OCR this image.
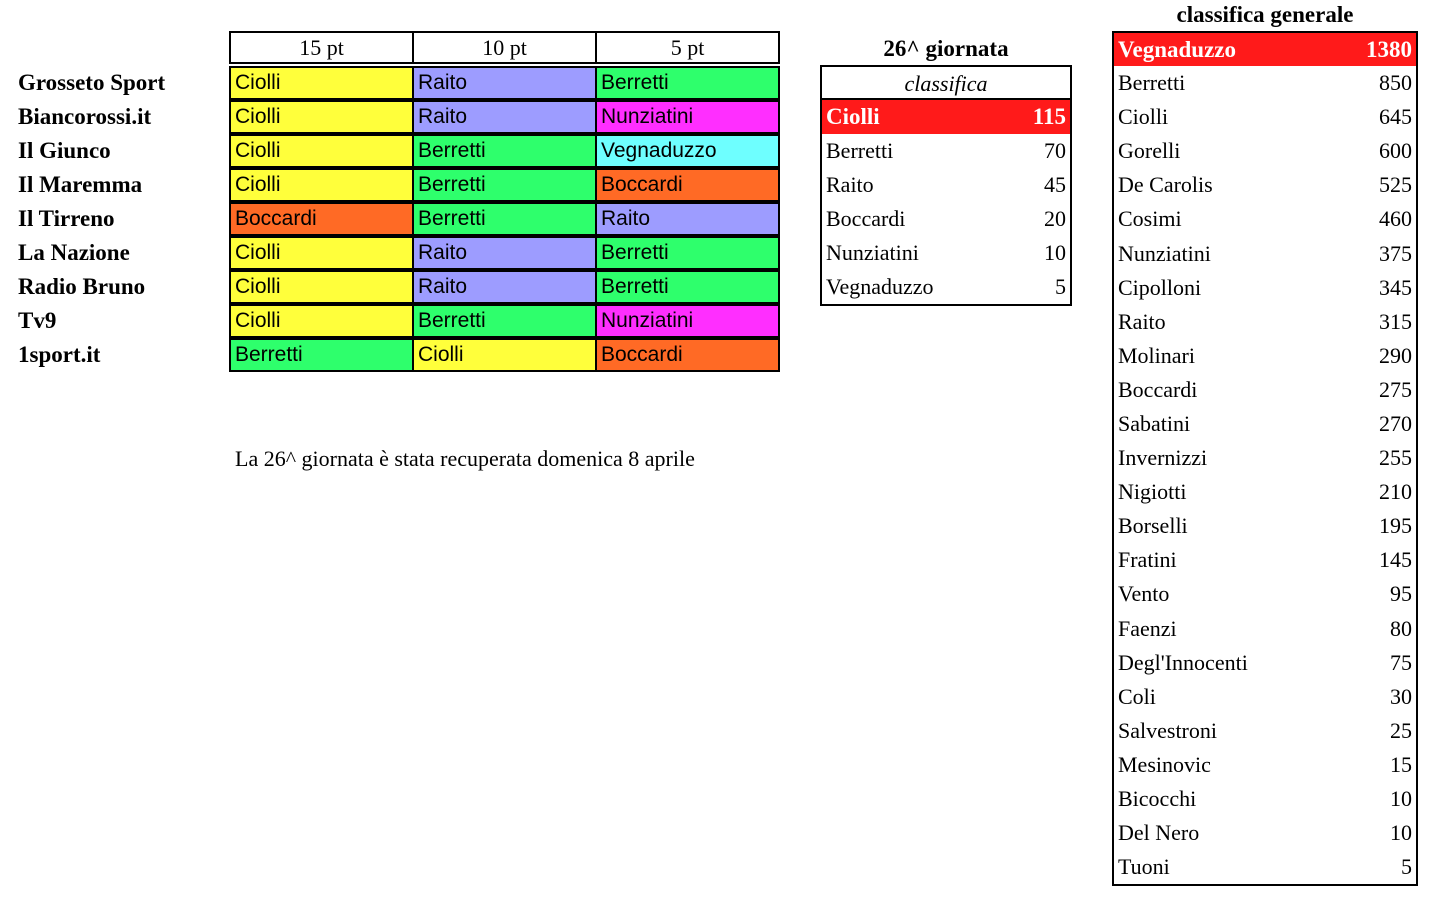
15 pt	10 pt	5 pt
Grosseto Sport	Ciolli	Raito	Berretti
Biancorossi.it	Ciolli	Raito	Nunziatini
Il Giunco	Ciolli	Berretti	Vegnaduzzo
Il Maremma	Ciolli	Berretti	Boccardi
Il Tirreno	Boccardi	Berretti	Raito
La Nazione	Ciolli	Raito	Berretti
Radio Bruno	Ciolli	Raito	Berretti
Tv9	Ciolli	Berretti	Nunziatini
1sport.it	Berretti	Ciolli	Boccardi
La 26^ giornata è stata recuperata domenica 8 aprile
26^ giornata
classifica
Ciolli	115
Berretti	70
Raito	45
Boccardi	20
Nunziatini	10
Vegnaduzzo	5
classifica generale
Vegnaduzzo	1380
Berretti	850
Ciolli	645
Gorelli	600
De Carolis	525
Cosimi	460
Nunziatini	375
Cipolloni	345
Raito	315
Molinari	290
Boccardi	275
Sabatini	270
Invernizzi	255
Nigiotti	210
Borselli	195
Fratini	145
Vento	95
Faenzi	80
Degl'Innocenti	75
Coli	30
Salvestroni	25
Mesinovic	15
Bicocchi	10
Del Nero	10
Tuoni	5
